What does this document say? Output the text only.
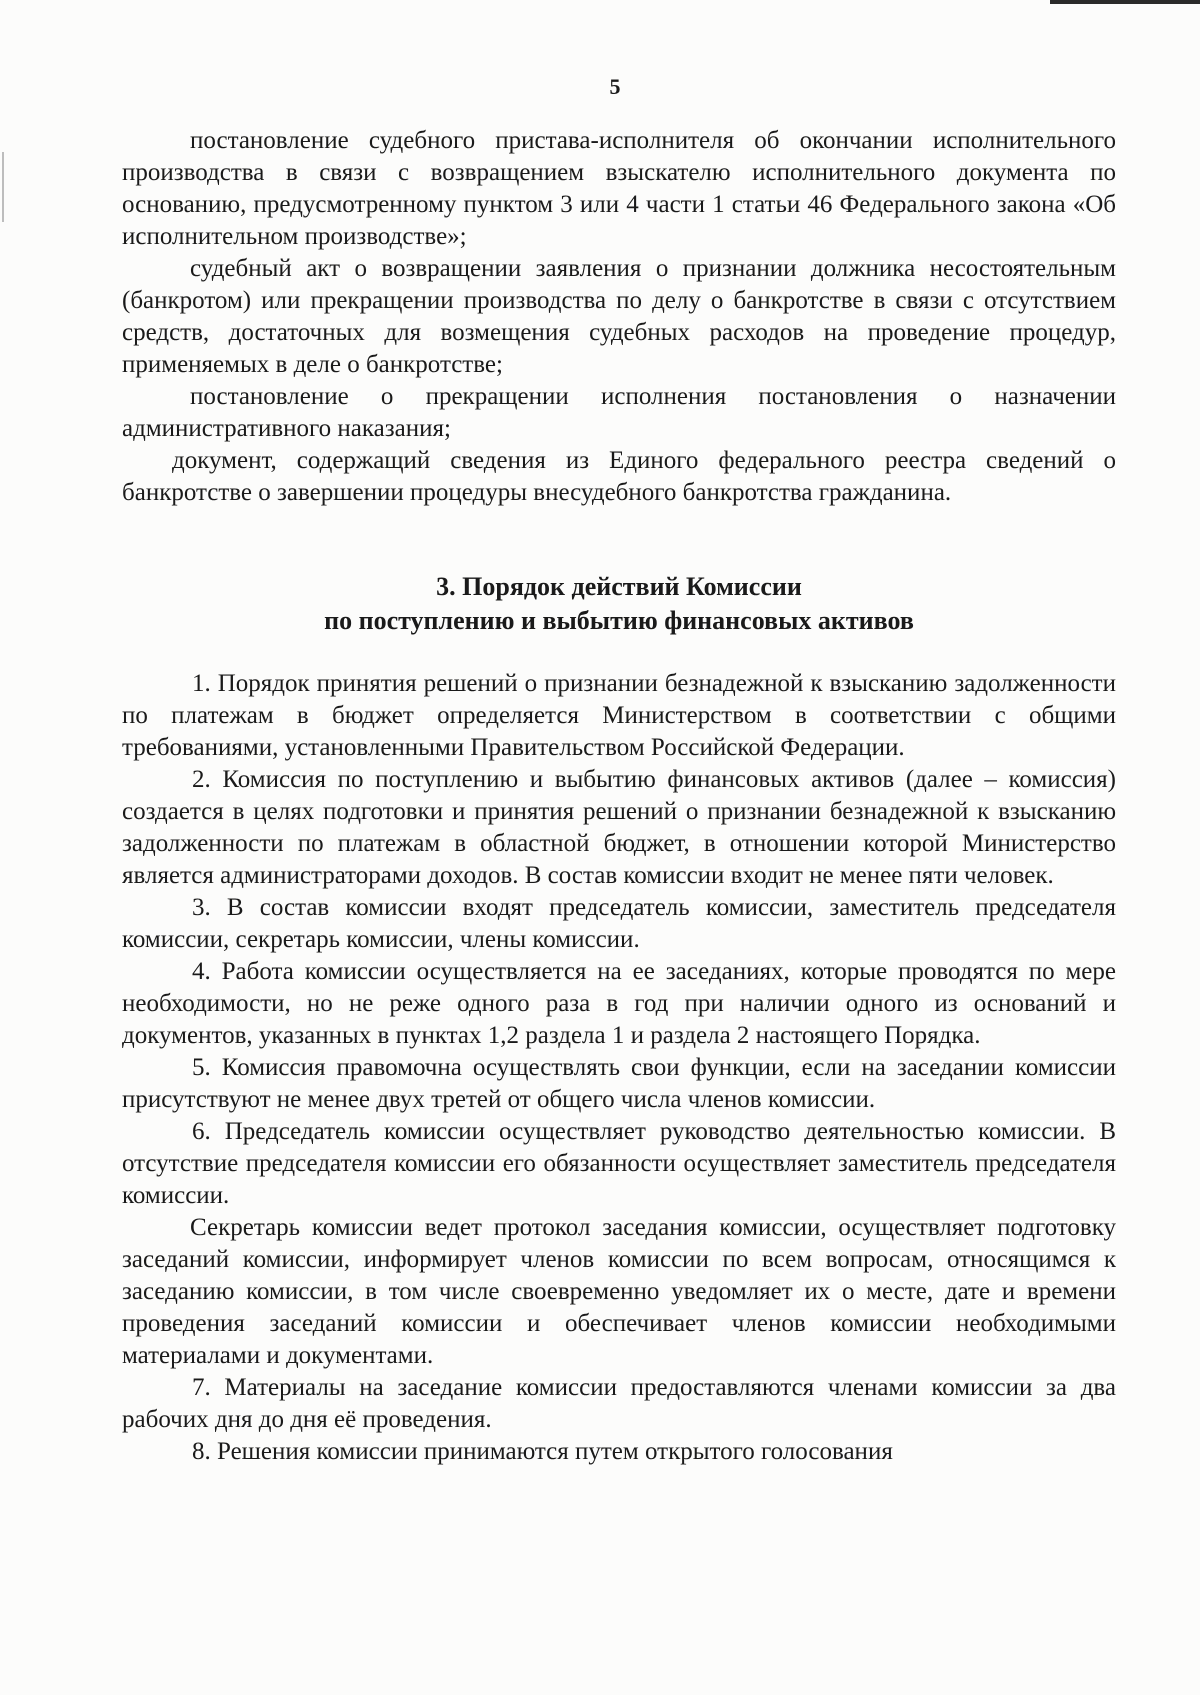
5

постановление судебного пристава-исполнителя об окончании исполнительного производства в связи с возвращением взыскателю исполнительного документа по основанию, предусмотренному пунктом 3 или 4 части 1 статьи 46 Федерального закона «Об исполнительном производстве»;

судебный акт о возвращении заявления о признании должника несостоятельным (банкротом) или прекращении производства по делу о банкротстве в связи с отсутствием средств, достаточных для возмещения судебных расходов на проведение процедур, применяемых в деле о банкротстве;

постановление о прекращении исполнения постановления о назначении административного наказания;

документ, содержащий сведения из Единого федерального реестра сведений о банкротстве о завершении процедуры внесудебного банкротства гражданина.

3. Порядок действий Комиссии
по поступлению и выбытию финансовых активов

1. Порядок принятия решений о признании безнадежной к взысканию задолженности по платежам в бюджет определяется Министерством в соответствии с общими требованиями, установленными Правительством Российской Федерации.

2. Комиссия по поступлению и выбытию финансовых активов (далее – комиссия) создается в целях подготовки и принятия решений о признании безнадежной к взысканию задолженности по платежам в областной бюджет, в отношении которой Министерство является администраторами доходов. В состав комиссии входит не менее пяти человек.

3. В состав комиссии входят председатель комиссии, заместитель председателя комиссии, секретарь комиссии, члены комиссии.

4. Работа комиссии осуществляется на ее заседаниях, которые проводятся по мере необходимости, но не реже одного раза в год при наличии одного из оснований и документов, указанных в пунктах 1,2 раздела 1 и раздела 2 настоящего Порядка.

5. Комиссия правомочна осуществлять свои функции, если на заседании комиссии присутствуют не менее двух третей от общего числа членов комиссии.

6. Председатель комиссии осуществляет руководство деятельностью комиссии. В отсутствие председателя комиссии его обязанности осуществляет заместитель председателя комиссии.

Секретарь комиссии ведет протокол заседания комиссии, осуществляет подготовку заседаний комиссии, информирует членов комиссии по всем вопросам, относящимся к заседанию комиссии, в том числе своевременно уведомляет их о месте, дате и времени проведения заседаний комиссии и обеспечивает членов комиссии необходимыми материалами и документами.

7. Материалы на заседание комиссии предоставляются членами комиссии за два рабочих дня до дня её проведения.

8. Решения комиссии принимаются путем открытого голосования
